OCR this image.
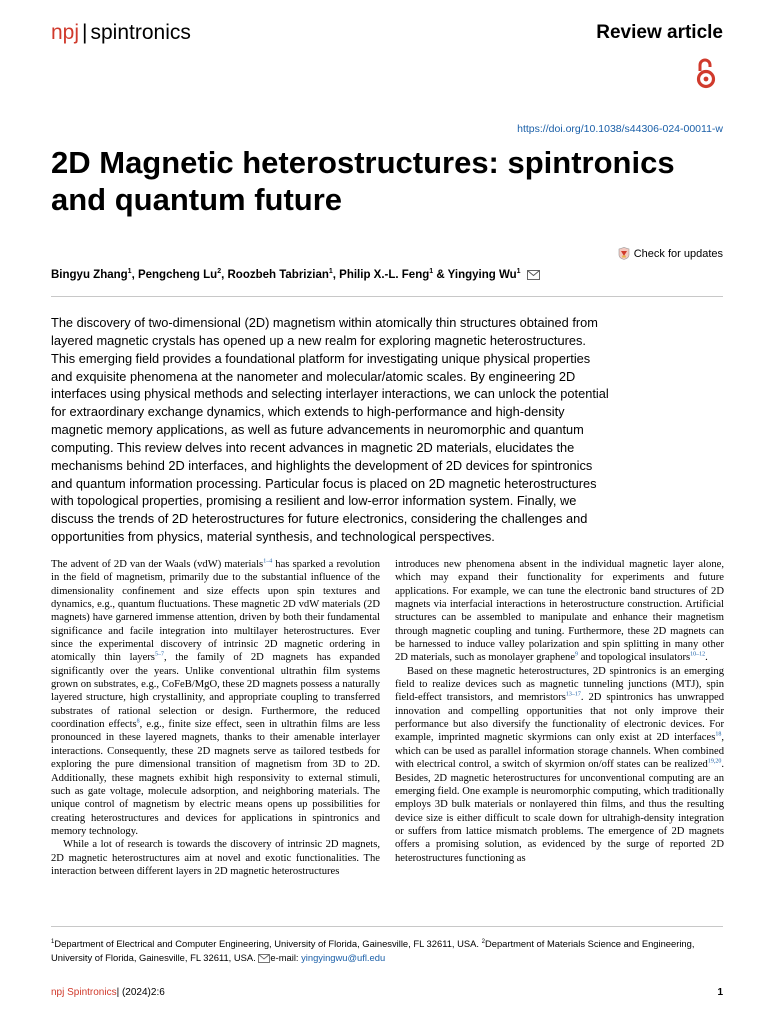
npj | spintronics	Review article
https://doi.org/10.1038/s44306-024-00011-w
2D Magnetic heterostructures: spintronics and quantum future
Check for updates
Bingyu Zhang$^1$, Pengcheng Lu$^2$, Roozbeh Tabrizian$^1$, Philip X.-L. Feng$^1$ & Yingying Wu$^1$

The discovery of two-dimensional (2D) magnetism within atomically thin structures obtained from layered magnetic crystals has opened up a new realm for exploring magnetic heterostructures. This emerging field provides a foundational platform for investigating unique physical properties and exquisite phenomena at the nanometer and molecular/atomic scales. By engineering 2D interfaces using physical methods and selecting interlayer interactions, we can unlock the potential for extraordinary exchange dynamics, which extends to high-performance and high-density magnetic memory applications, as well as future advancements in neuromorphic and quantum computing. This review delves into recent advances in magnetic 2D materials, elucidates the mechanisms behind 2D interfaces, and highlights the development of 2D devices for spintronics and quantum information processing. Particular focus is placed on 2D magnetic heterostructures with topological properties, promising a resilient and low-error information system. Finally, we discuss the trends of 2D heterostructures for future electronics, considering the challenges and opportunities from physics, material synthesis, and technological perspectives.

The advent of 2D van der Waals (vdW) materials$^{1-4}$ has sparked a revolution in the field of magnetism, primarily due to the substantial influence of the dimensionality confinement and size effects upon spin textures and dynamics, e.g., quantum fluctuations. These magnetic 2D vdW materials (2D magnets) have garnered immense attention, driven by both their fundamental significance and facile integration into multilayer heterostructures. Ever since the experimental discovery of intrinsic 2D magnetic ordering in atomically thin layers$^{5-7}$, the family of 2D magnets has expanded significantly over the years. Unlike conventional ultrathin film systems grown on substrates, e.g., CoFeB/MgO, these 2D magnets possess a naturally layered structure, high crystallinity, and appropriate coupling to transferred substrates of rational selection or design. Furthermore, the reduced coordination effects$^8$, e.g., finite size effect, seen in ultrathin films are less pronounced in these layered magnets, thanks to their amenable interlayer interactions. Consequently, these 2D magnets serve as tailored testbeds for exploring the pure dimensional transition of magnetism from 3D to 2D. Additionally, these magnets exhibit high responsivity to external stimuli, such as gate voltage, molecule adsorption, and neighboring materials. The unique control of magnetism by electric means opens up possibilities for creating heterostructures and devices for applications in spintronics and memory technology.

While a lot of research is towards the discovery of intrinsic 2D magnets, 2D magnetic heterostructures aim at novel and exotic functionalities. The interaction between different layers in 2D magnetic heterostructures

introduces new phenomena absent in the individual magnetic layer alone, which may expand their functionality for experiments and future applications. For example, we can tune the electronic band structures of 2D magnets via interfacial interactions in heterostructure construction. Artificial structures can be assembled to manipulate and enhance their magnetism through magnetic coupling and tuning. Furthermore, these 2D magnets can be harnessed to induce valley polarization and spin splitting in many other 2D materials, such as monolayer graphene$^9$ and topological insulators$^{10-12}$.

Based on these magnetic heterostructures, 2D spintronics is an emerging field to realize devices such as magnetic tunneling junctions (MTJ), spin field-effect transistors, and memristors$^{13-17}$. 2D spintronics has unwrapped innovation and compelling opportunities that not only improve their performance but also diversify the functionality of electronic devices. For example, imprinted magnetic skyrmions can only exist at 2D interfaces$^{18}$, which can be used as parallel information storage channels. When combined with electrical control, a switch of skyrmion on/off states can be realized$^{19,20}$. Besides, 2D magnetic heterostructures for unconventional computing are an emerging field. One example is neuromorphic computing, which traditionally employs 3D bulk materials or nonlayered thin films, and thus the resulting device size is either difficult to scale down for ultrahigh-density integration or suffers from lattice mismatch problems. The emergence of 2D magnets offers a promising solution, as evidenced by the surge of reported 2D heterostructures functioning as

$^1$Department of Electrical and Computer Engineering, University of Florida, Gainesville, FL 32611, USA. $^2$Department of Materials Science and Engineering, University of Florida, Gainesville, FL 32611, USA. e-mail: yingyingwu@ufl.edu
npj Spintronics| (2024)2:6	1
